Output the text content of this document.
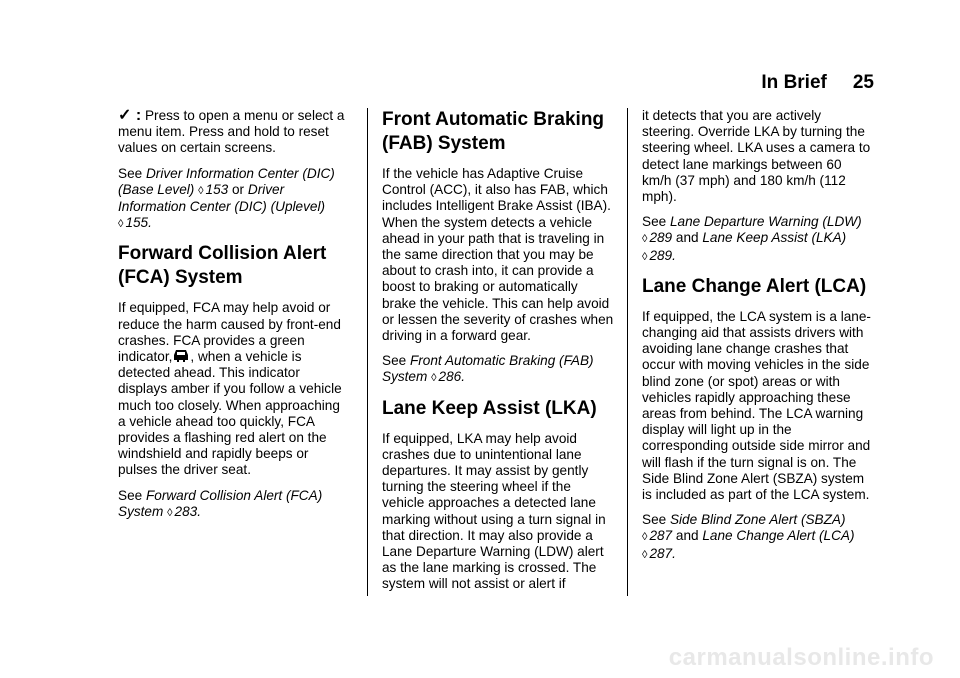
In Brief 25

✓ : Press to open a menu or select a menu item. Press and hold to reset values on certain screens.

See Driver Information Center (DIC) (Base Level) ◊ 153 or Driver Information Center (DIC) (Uplevel)
◊ 155.

Forward Collision Alert (FCA) System

If equipped, FCA may help avoid or reduce the harm caused by front-end crashes. FCA provides a green indicator, , when a vehicle is detected ahead. This indicator displays amber if you follow a vehicle much too closely. When approaching a vehicle ahead too quickly, FCA provides a flashing red alert on the windshield and rapidly beeps or pulses the driver seat.

See Forward Collision Alert (FCA) System ◊ 283.

Front Automatic Braking (FAB) System

If the vehicle has Adaptive Cruise Control (ACC), it also has FAB, which includes Intelligent Brake Assist (IBA). When the system detects a vehicle ahead in your path that is traveling in the same direction that you may be about to crash into, it can provide a boost to braking or automatically brake the vehicle. This can help avoid or lessen the severity of crashes when driving in a forward gear.

See Front Automatic Braking (FAB) System ◊ 286.

Lane Keep Assist (LKA)

If equipped, LKA may help avoid crashes due to unintentional lane departures. It may assist by gently turning the steering wheel if the vehicle approaches a detected lane marking without using a turn signal in that direction. It may also provide a Lane Departure Warning (LDW) alert as the lane marking is crossed. The system will not assist or alert if

it detects that you are actively steering. Override LKA by turning the steering wheel. LKA uses a camera to detect lane markings between 60 km/h (37 mph) and 180 km/h (112 mph).

See Lane Departure Warning (LDW)
◊ 289 and Lane Keep Assist (LKA)
◊ 289.

Lane Change Alert (LCA)

If equipped, the LCA system is a lane-changing aid that assists drivers with avoiding lane change crashes that occur with moving vehicles in the side blind zone (or spot) areas or with vehicles rapidly approaching these areas from behind. The LCA warning display will light up in the corresponding outside side mirror and will flash if the turn signal is on. The Side Blind Zone Alert (SBZA) system is included as part of the LCA system.

See Side Blind Zone Alert (SBZA)
◊ 287 and Lane Change Alert (LCA)
◊ 287.

carmanualsonline.info
